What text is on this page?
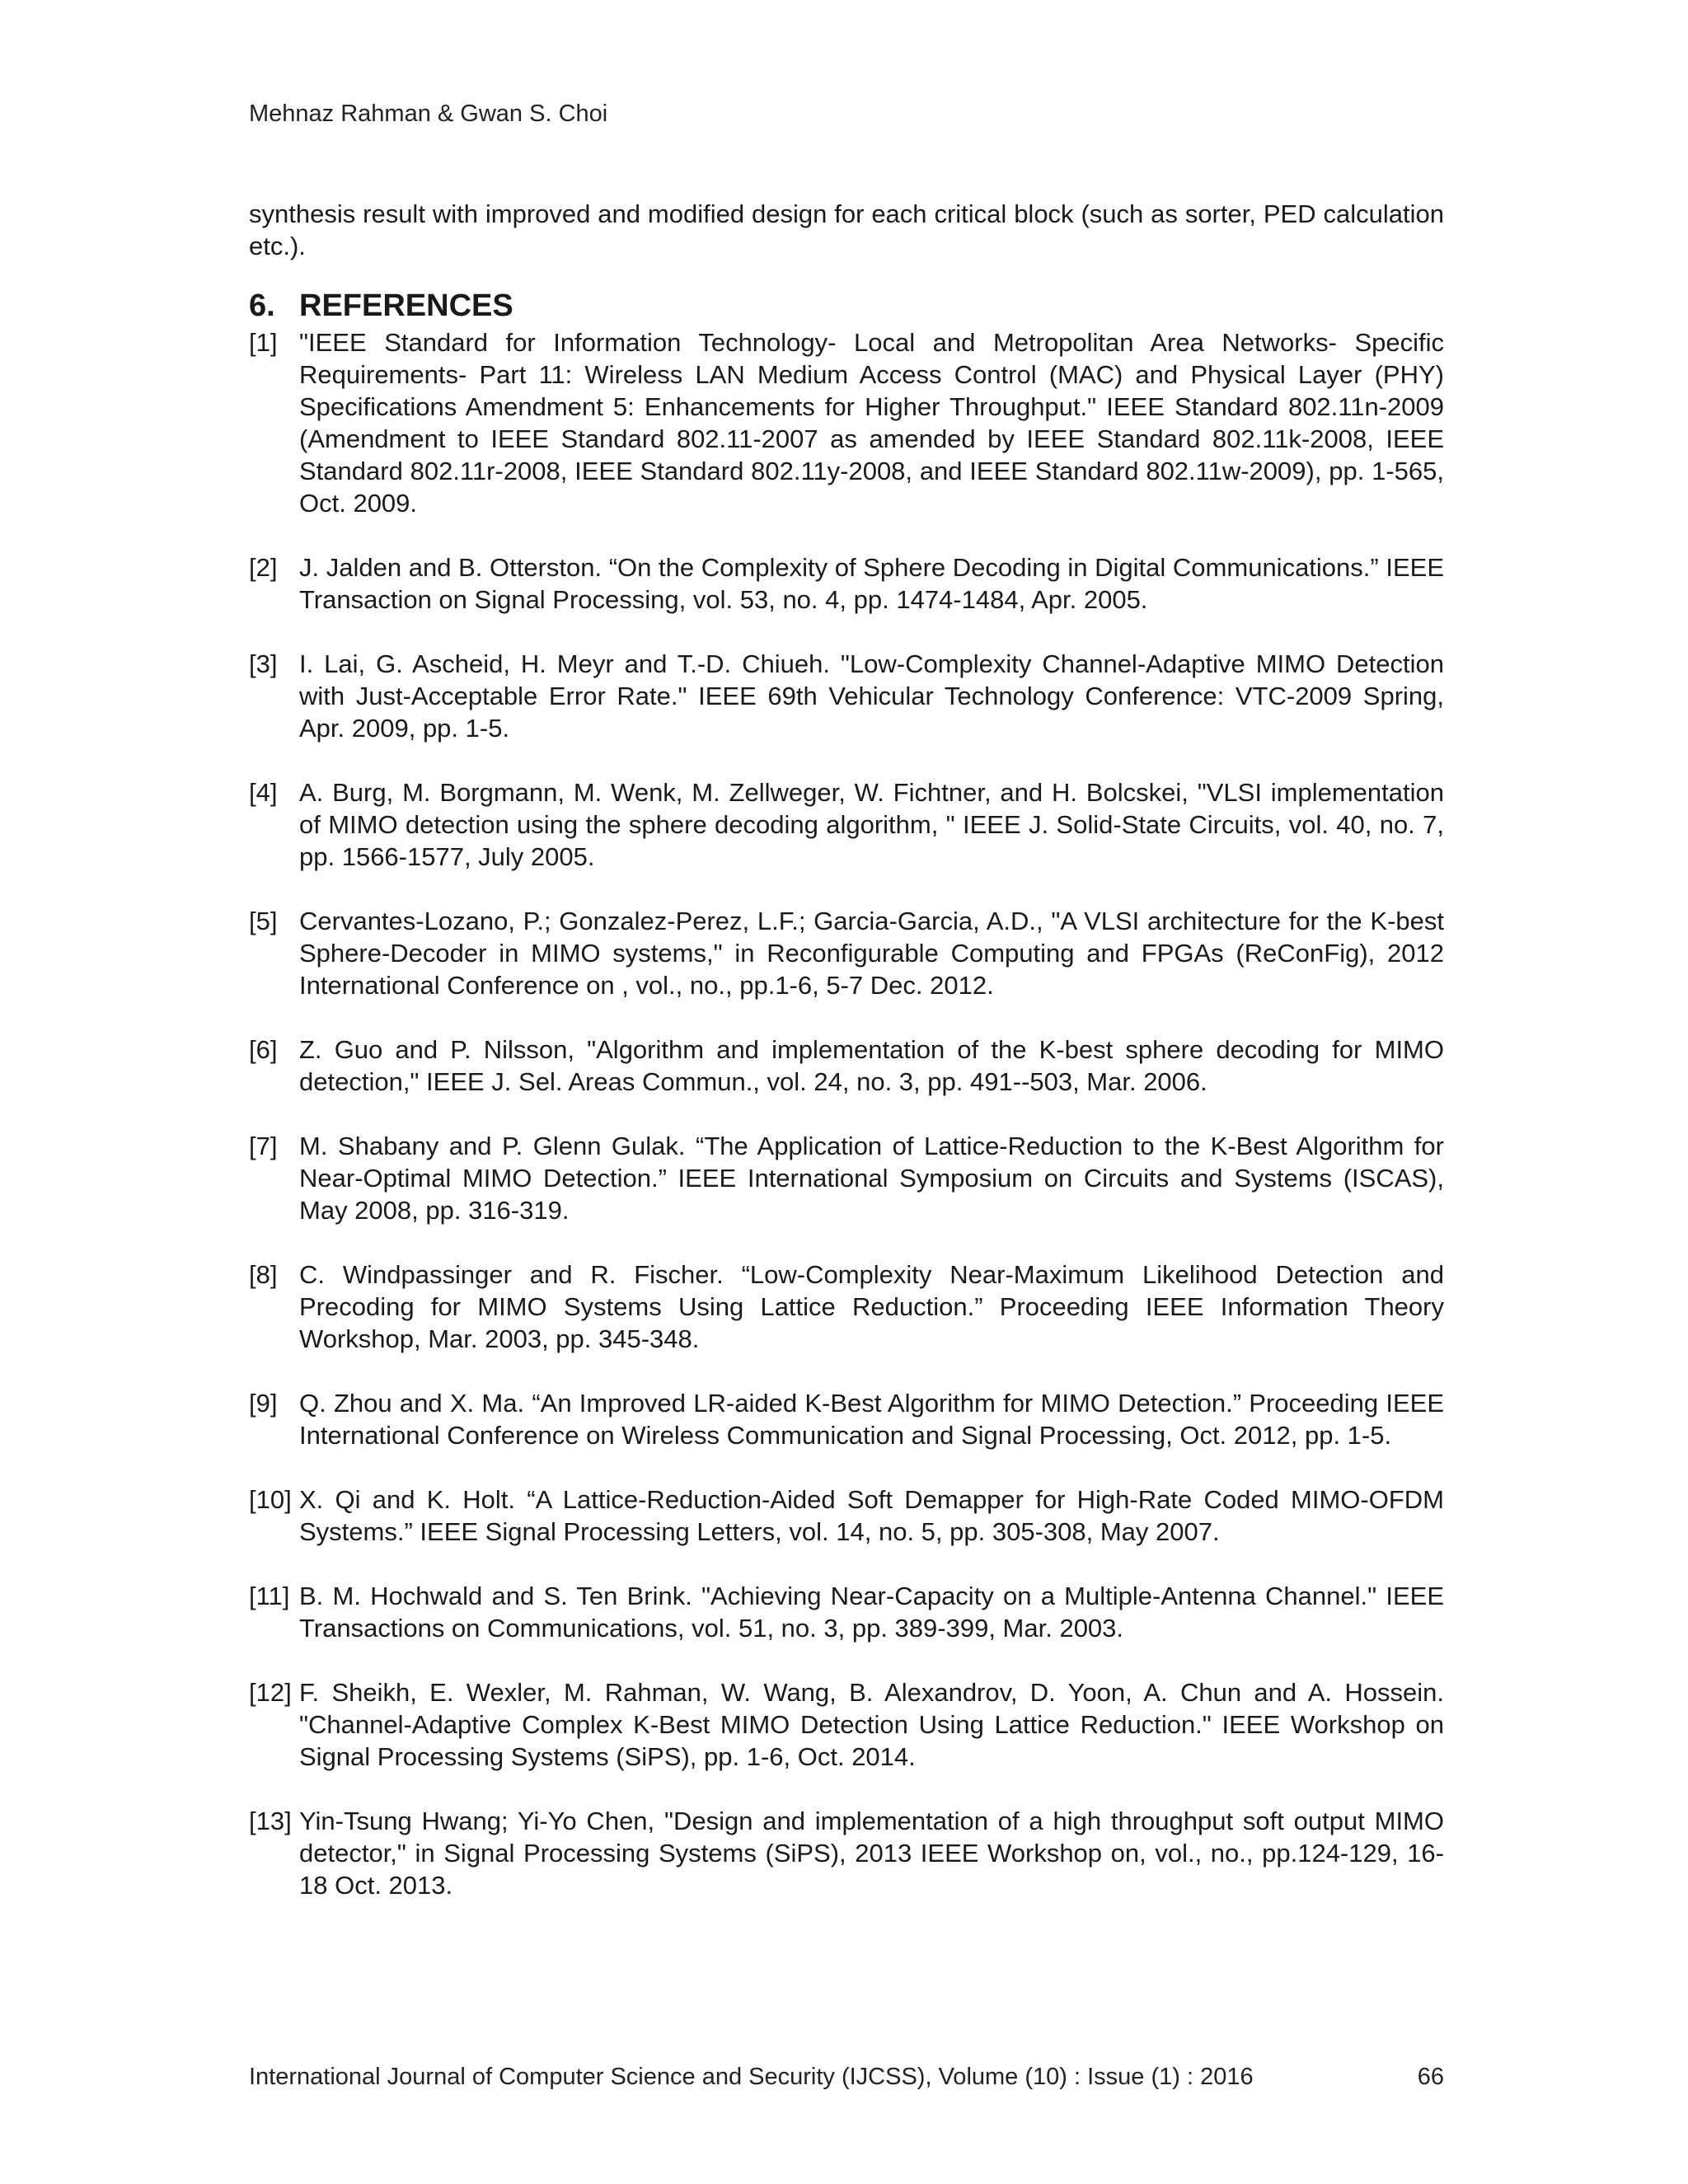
Mehnaz Rahman & Gwan S. Choi

synthesis result with improved and modified design for each critical block (such as sorter, PED calculation etc.).

6. REFERENCES
[1] "IEEE Standard for Information Technology- Local and Metropolitan Area Networks- Specific Requirements- Part 11: Wireless LAN Medium Access Control (MAC) and Physical Layer (PHY) Specifications Amendment 5: Enhancements for Higher Throughput." IEEE Standard 802.11n-2009 (Amendment to IEEE Standard 802.11-2007 as amended by IEEE Standard 802.11k-2008, IEEE Standard 802.11r-2008, IEEE Standard 802.11y-2008, and IEEE Standard 802.11w-2009), pp. 1-565, Oct. 2009.
[2] J. Jalden and B. Otterston. “On the Complexity of Sphere Decoding in Digital Communications.” IEEE Transaction on Signal Processing, vol. 53, no. 4, pp. 1474-1484, Apr. 2005.
[3] I. Lai, G. Ascheid, H. Meyr and T.-D. Chiueh. "Low-Complexity Channel-Adaptive MIMO Detection with Just-Acceptable Error Rate." IEEE 69th Vehicular Technology Conference: VTC-2009 Spring, Apr. 2009, pp. 1-5.
[4] A. Burg, M. Borgmann, M. Wenk, M. Zellweger, W. Fichtner, and H. Bolcskei, "VLSI implementation of MIMO detection using the sphere decoding algorithm, " IEEE J. Solid-State Circuits, vol. 40, no. 7, pp. 1566-1577, July 2005.
[5] Cervantes-Lozano, P.; Gonzalez-Perez, L.F.; Garcia-Garcia, A.D., "A VLSI architecture for the K-best Sphere-Decoder in MIMO systems," in Reconfigurable Computing and FPGAs (ReConFig), 2012 International Conference on , vol., no., pp.1-6, 5-7 Dec. 2012.
[6] Z. Guo and P. Nilsson, "Algorithm and implementation of the K-best sphere decoding for MIMO detection," IEEE J. Sel. Areas Commun., vol. 24, no. 3, pp. 491--503, Mar. 2006.
[7] M. Shabany and P. Glenn Gulak. “The Application of Lattice-Reduction to the K-Best Algorithm for Near-Optimal MIMO Detection.” IEEE International Symposium on Circuits and Systems (ISCAS), May 2008, pp. 316-319.
[8] C. Windpassinger and R. Fischer. “Low-Complexity Near-Maximum Likelihood Detection and Precoding for MIMO Systems Using Lattice Reduction.” Proceeding IEEE Information Theory Workshop, Mar. 2003, pp. 345-348.
[9] Q. Zhou and X. Ma. “An Improved LR-aided K-Best Algorithm for MIMO Detection.” Proceeding IEEE International Conference on Wireless Communication and Signal Processing, Oct. 2012, pp. 1-5.
[10] X. Qi and K. Holt. “A Lattice-Reduction-Aided Soft Demapper for High-Rate Coded MIMO-OFDM Systems.” IEEE Signal Processing Letters, vol. 14, no. 5, pp. 305-308, May 2007.
[11] B. M. Hochwald and S. Ten Brink. "Achieving Near-Capacity on a Multiple-Antenna Channel." IEEE Transactions on Communications, vol. 51, no. 3, pp. 389-399, Mar. 2003.
[12] F. Sheikh, E. Wexler, M. Rahman, W. Wang, B. Alexandrov, D. Yoon, A. Chun and A. Hossein. "Channel-Adaptive Complex K-Best MIMO Detection Using Lattice Reduction." IEEE Workshop on Signal Processing Systems (SiPS), pp. 1-6, Oct. 2014.
[13] Yin-Tsung Hwang; Yi-Yo Chen, "Design and implementation of a high throughput soft output MIMO detector," in Signal Processing Systems (SiPS), 2013 IEEE Workshop on, vol., no., pp.124-129, 16-18 Oct. 2013.
International Journal of Computer Science and Security (IJCSS), Volume (10) : Issue (1) : 2016	66
